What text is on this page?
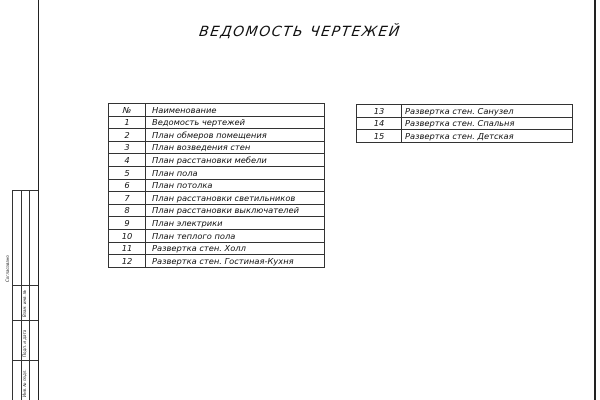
ВЕДОМОСТЬ ЧЕРТЕЖЕЙ
№	Наименование
1	Ведомость чертежей
2	План обмеров помещения
3	План возведения стен
4	План расстановки мебели
5	План пола
6	План потолка
7	План расстановки светильников
8	План расстановки выключателей
9	План электрики
10	План теплого пола
11	Развертка стен. Холл
12	Развертка стен. Гостиная-Кухня
13	Развертка стен. Санузел
14	Развертка стен. Спальня
15	Развертка стен. Детская
Согласовано
Взам. инв. №
Подп. и дата
Инв. № подл.
